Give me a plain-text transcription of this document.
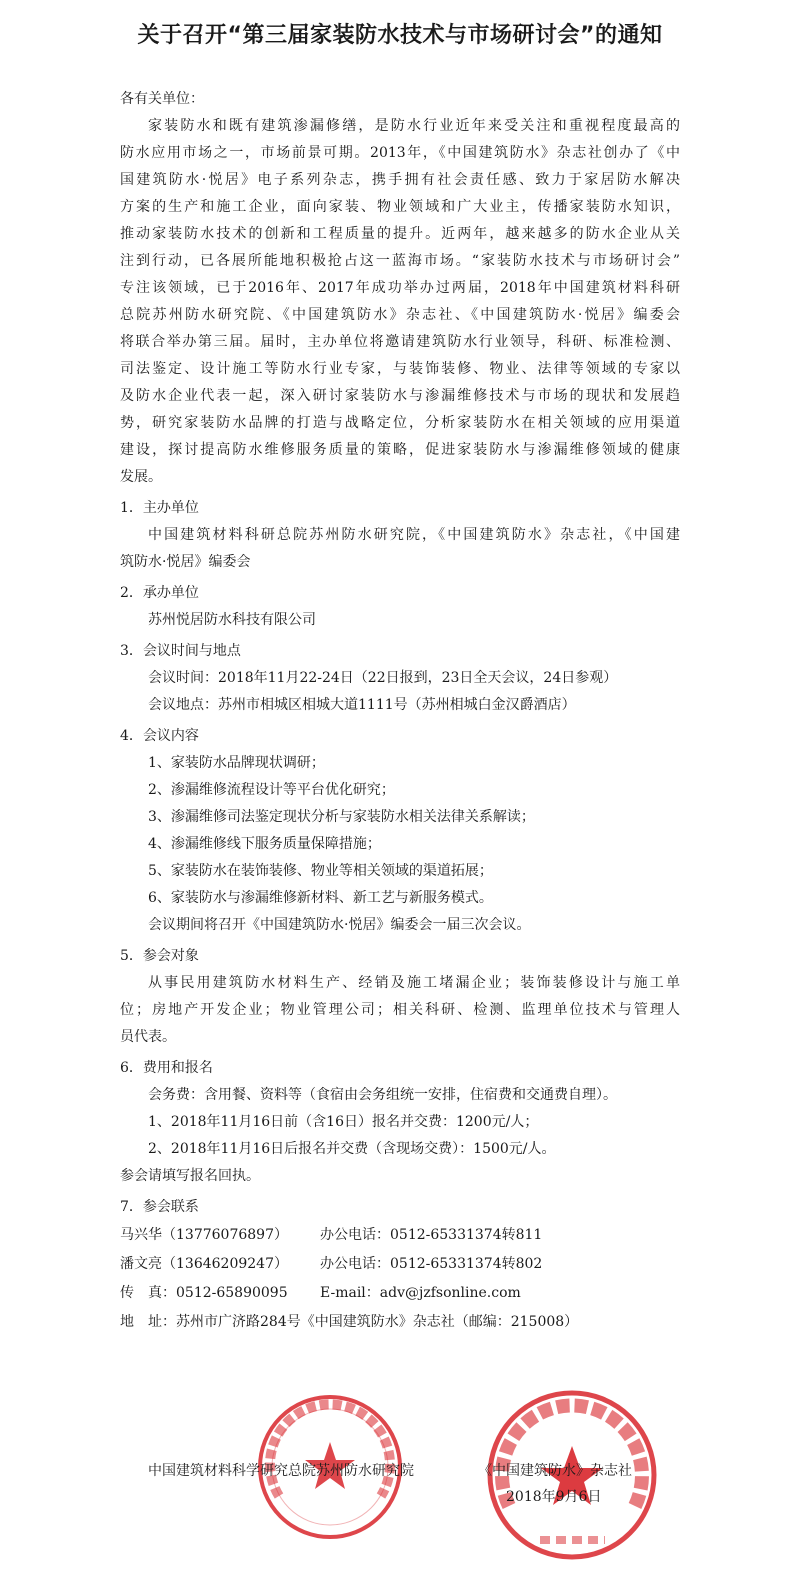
关于召开“第三届家装防水技术与市场研讨会”的通知
各有关单位：
家装防水和既有建筑渗漏修缮，是防水行业近年来受关注和重视程度最高的
防水应用市场之一，市场前景可期。2013年，《中国建筑防水》杂志社创办了《中
国建筑防水·悦居》电子系列杂志，携手拥有社会责任感、致力于家居防水解决
方案的生产和施工企业，面向家装、物业领域和广大业主，传播家装防水知识，
推动家装防水技术的创新和工程质量的提升。近两年，越来越多的防水企业从关
注到行动，已各展所能地积极抢占这一蓝海市场。“家装防水技术与市场研讨会”
专注该领域，已于2016年、2017年成功举办过两届，2018年中国建筑材料科研
总院苏州防水研究院、《中国建筑防水》杂志社、《中国建筑防水·悦居》编委会
将联合举办第三届。届时，主办单位将邀请建筑防水行业领导，科研、标准检测、
司法鉴定、设计施工等防水行业专家，与装饰装修、物业、法律等领域的专家以
及防水企业代表一起，深入研讨家装防水与渗漏维修技术与市场的现状和发展趋
势，研究家装防水品牌的打造与战略定位，分析家装防水在相关领域的应用渠道
建设，探讨提高防水维修服务质量的策略，促进家装防水与渗漏维修领域的健康
发展。
1．主办单位
中国建筑材料科研总院苏州防水研究院，《中国建筑防水》杂志社，《中国建
筑防水·悦居》编委会
2．承办单位
苏州悦居防水科技有限公司
3．会议时间与地点
会议时间：2018年11月22-24日（22日报到，23日全天会议，24日参观）
会议地点：苏州市相城区相城大道1111号（苏州相城白金汉爵酒店）
4．会议内容
1、家装防水品牌现状调研；
2、渗漏维修流程设计等平台优化研究；
3、渗漏维修司法鉴定现状分析与家装防水相关法律关系解读；
4、渗漏维修线下服务质量保障措施；
5、家装防水在装饰装修、物业等相关领域的渠道拓展；
6、家装防水与渗漏维修新材料、新工艺与新服务模式。
会议期间将召开《中国建筑防水·悦居》编委会一届三次会议。
5．参会对象
从事民用建筑防水材料生产、经销及施工堵漏企业；装饰装修设计与施工单
位；房地产开发企业；物业管理公司；相关科研、检测、监理单位技术与管理人
员代表。
6．费用和报名
会务费：含用餐、资料等（食宿由会务组统一安排，住宿费和交通费自理）。
1、2018年11月16日前（含16日）报名并交费：1200元/人；
2、2018年11月16日后报名并交费（含现场交费）：1500元/人。
参会请填写报名回执。
7．参会联系
马兴华（13776076897）	办公电话：0512-65331374转811
潘文亮（13646209247）	办公电话：0512-65331374转802
传　真：0512-65890095	E-mail：adv@jzfsonline.com
地　址：苏州市广济路284号《中国建筑防水》杂志社（邮编：215008）
中国建筑材料科学研究总院苏州防水研究院	《中国建筑防水》杂志社
2018年9月6日
